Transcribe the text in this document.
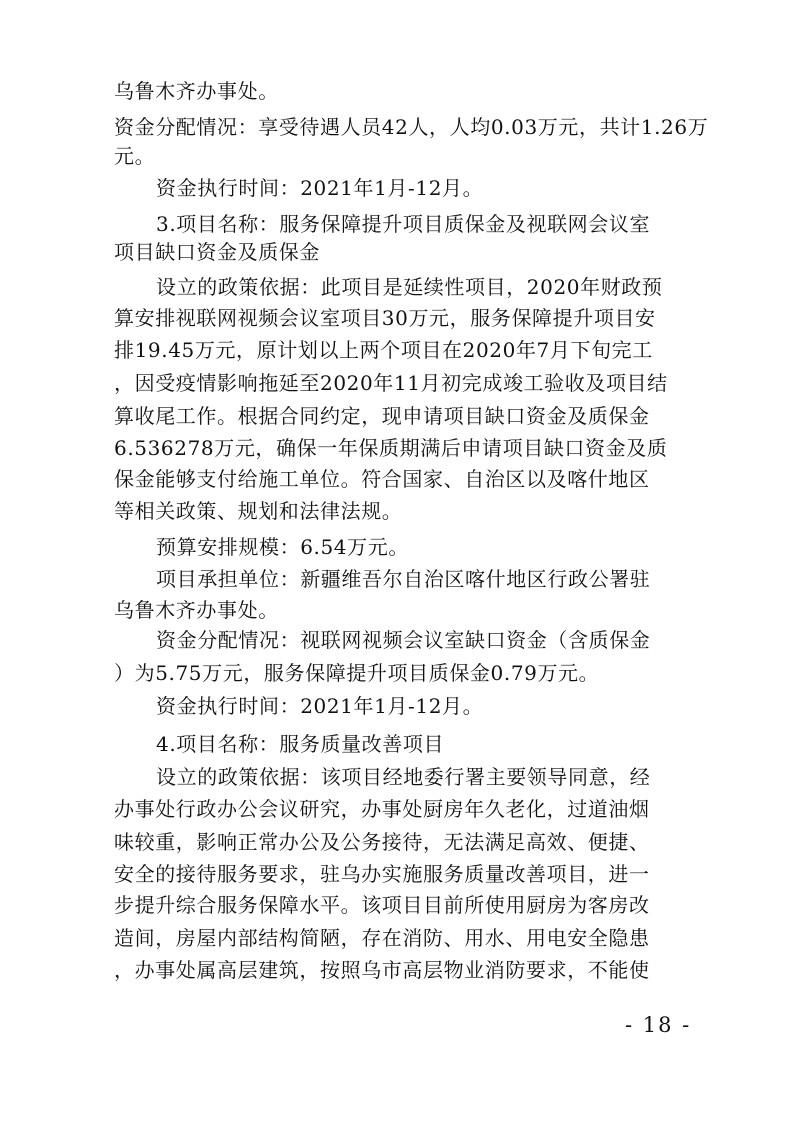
乌鲁木齐办事处。
资金分配情况：享受待遇人员42人，人均0.03万元，共计1.26万
元。
资金执行时间：2021年1月-12月。
3.项目名称：服务保障提升项目质保金及视联网会议室
项目缺口资金及质保金
设立的政策依据：此项目是延续性项目，2020年财政预
算安排视联网视频会议室项目30万元，服务保障提升项目安
排19.45万元，原计划以上两个项目在2020年7月下旬完工
，因受疫情影响拖延至2020年11月初完成竣工验收及项目结
算收尾工作。根据合同约定，现申请项目缺口资金及质保金
6.536278万元，确保一年保质期满后申请项目缺口资金及质
保金能够支付给施工单位。符合国家、自治区以及喀什地区
等相关政策、规划和法律法规。
预算安排规模：6.54万元。
项目承担单位：新疆维吾尔自治区喀什地区行政公署驻
乌鲁木齐办事处。
资金分配情况：视联网视频会议室缺口资金（含质保金
）为5.75万元，服务保障提升项目质保金0.79万元。
资金执行时间：2021年1月-12月。
4.项目名称：服务质量改善项目
设立的政策依据：该项目经地委行署主要领导同意，经
办事处行政办公会议研究，办事处厨房年久老化，过道油烟
味较重，影响正常办公及公务接待，无法满足高效、便捷、
安全的接待服务要求，驻乌办实施服务质量改善项目，进一
步提升综合服务保障水平。该项目目前所使用厨房为客房改
造间，房屋内部结构简陋，存在消防、用水、用电安全隐患
，办事处属高层建筑，按照乌市高层物业消防要求，不能使
- 18 -
